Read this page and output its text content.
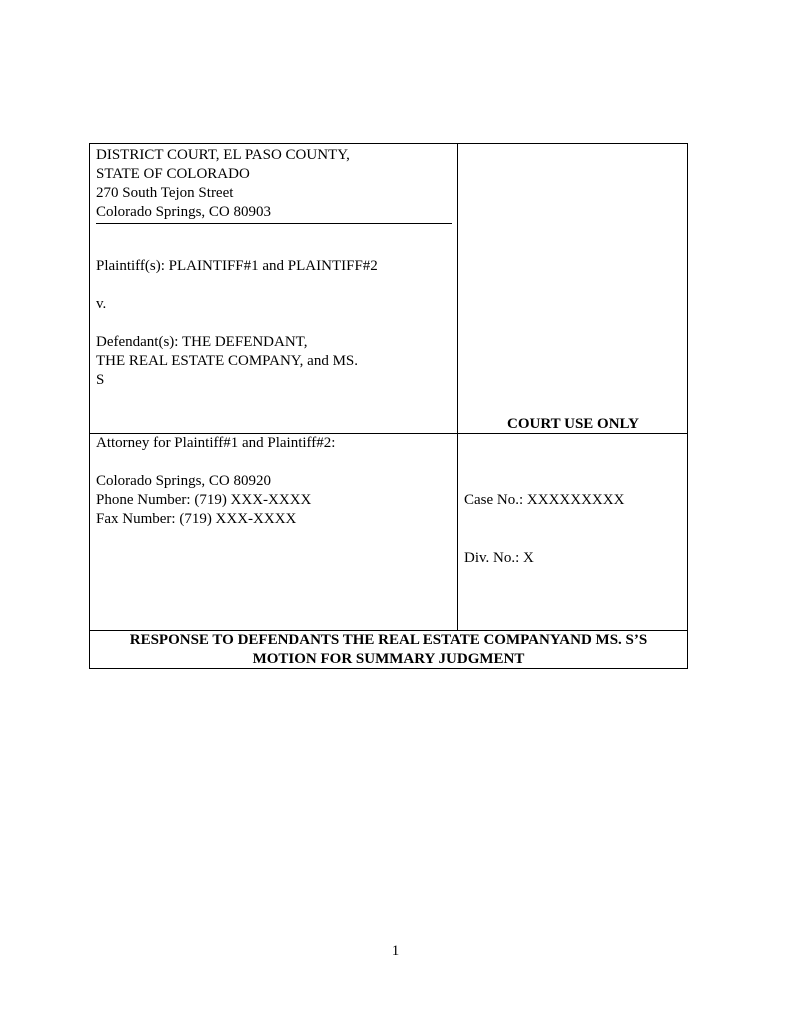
DISTRICT COURT, EL PASO COUNTY,
STATE OF COLORADO
270 South Tejon Street
Colorado Springs, CO 80903
Plaintiff(s): PLAINTIFF#1 and PLAINTIFF#2
v.
Defendant(s): THE DEFENDANT,
THE REAL ESTATE COMPANY, and MS.
S
COURT USE ONLY
Attorney for Plaintiff#1 and Plaintiff#2:
Colorado Springs, CO 80920
Phone Number: (719) XXX-XXXX
Fax Number: (719) XXX-XXXX
Case No.: XXXXXXXXX
Div. No.: X
RESPONSE TO DEFENDANTS THE REAL ESTATE COMPANYAND MS. S’S
MOTION FOR SUMMARY JUDGMENT
1
